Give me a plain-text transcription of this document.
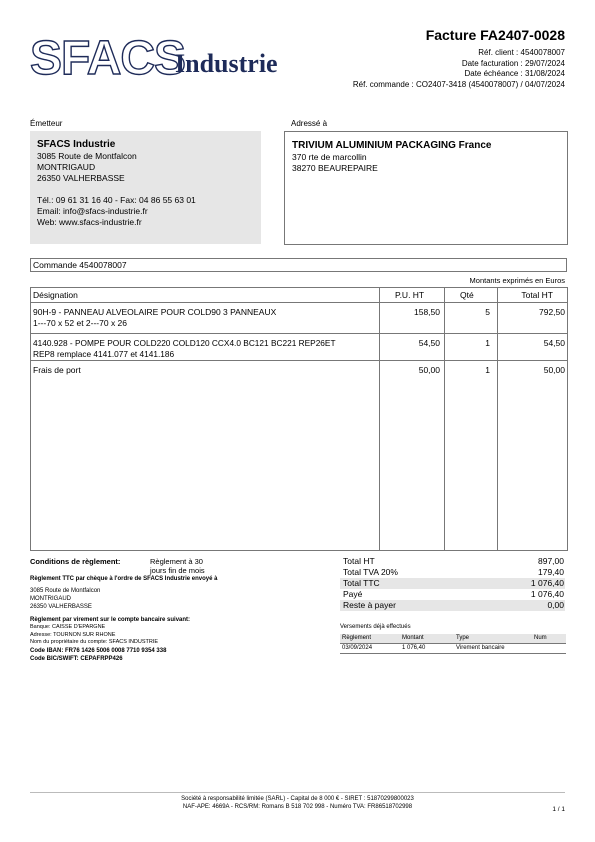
SFACS
Industrie
Facture FA2407-0028
Réf. client : 4540078007
Date facturation : 29/07/2024
Date échéance : 31/08/2024
Réf. commande : CO2407-3418 (4540078007) / 04/07/2024
Émetteur
SFACS Industrie
3085 Route de Montfalcon
MONTRIGAUD
26350 VALHERBASSE
Tél.: 09 61 31 16 40 - Fax: 04 86 55 63 01
Email: info@sfacs-industrie.fr
Web: www.sfacs-industrie.fr
Adressé à
TRIVIUM ALUMINIUM PACKAGING France
370 rte de marcollin
38270 BEAUREPAIRE
Commande 4540078007
Montants exprimés en Euros
Désignation	P.U. HT	Qté	Total HT
90H-9 - PANNEAU ALVEOLAIRE POUR COLD90 3 PANNEAUX
1---70 x 52 et 2---70 x 26
158,50	5	792,50
4140.928 - POMPE POUR COLD220 COLD120 CCX4.0 BC121 BC221 REP26ET
REP8 remplace 4141.077 et 4141.186
54,50	1	54,50
Frais de port	50,00	1	50,00
Conditions de règlement:	Règlement à 30 jours fin de mois
Règlement TTC par chèque à l'ordre de SFACS Industrie envoyé à
3085 Route de Montfalcon
MONTRIGAUD
26350 VALHERBASSE
Règlement par virement sur le compte bancaire suivant:
Banque: CAISSE D'EPARGNE
Adresse: TOURNON SUR RHONE
Nom du propriétaire du compte: SFACS INDUSTRIE
Code IBAN: FR76 1426 5006 0008 7710 9354 338
Code BIC/SWIFT: CEPAFRPP426
Total HT	897,00
Total TVA 20%	179,40
Total TTC	1 076,40
Payé	1 076,40
Reste à payer	0,00
Versements déjà effectués
Règlement	Montant	Type	Num
03/09/2024	1 076,40	Virement bancaire
Société à responsabilité limitée (SARL) - Capital de 8 000 € - SIRET : 51870299800023
NAF-APE: 4669A - RCS/RM: Romans B 518 702 998 - Numéro TVA: FR86518702998	1 / 1
